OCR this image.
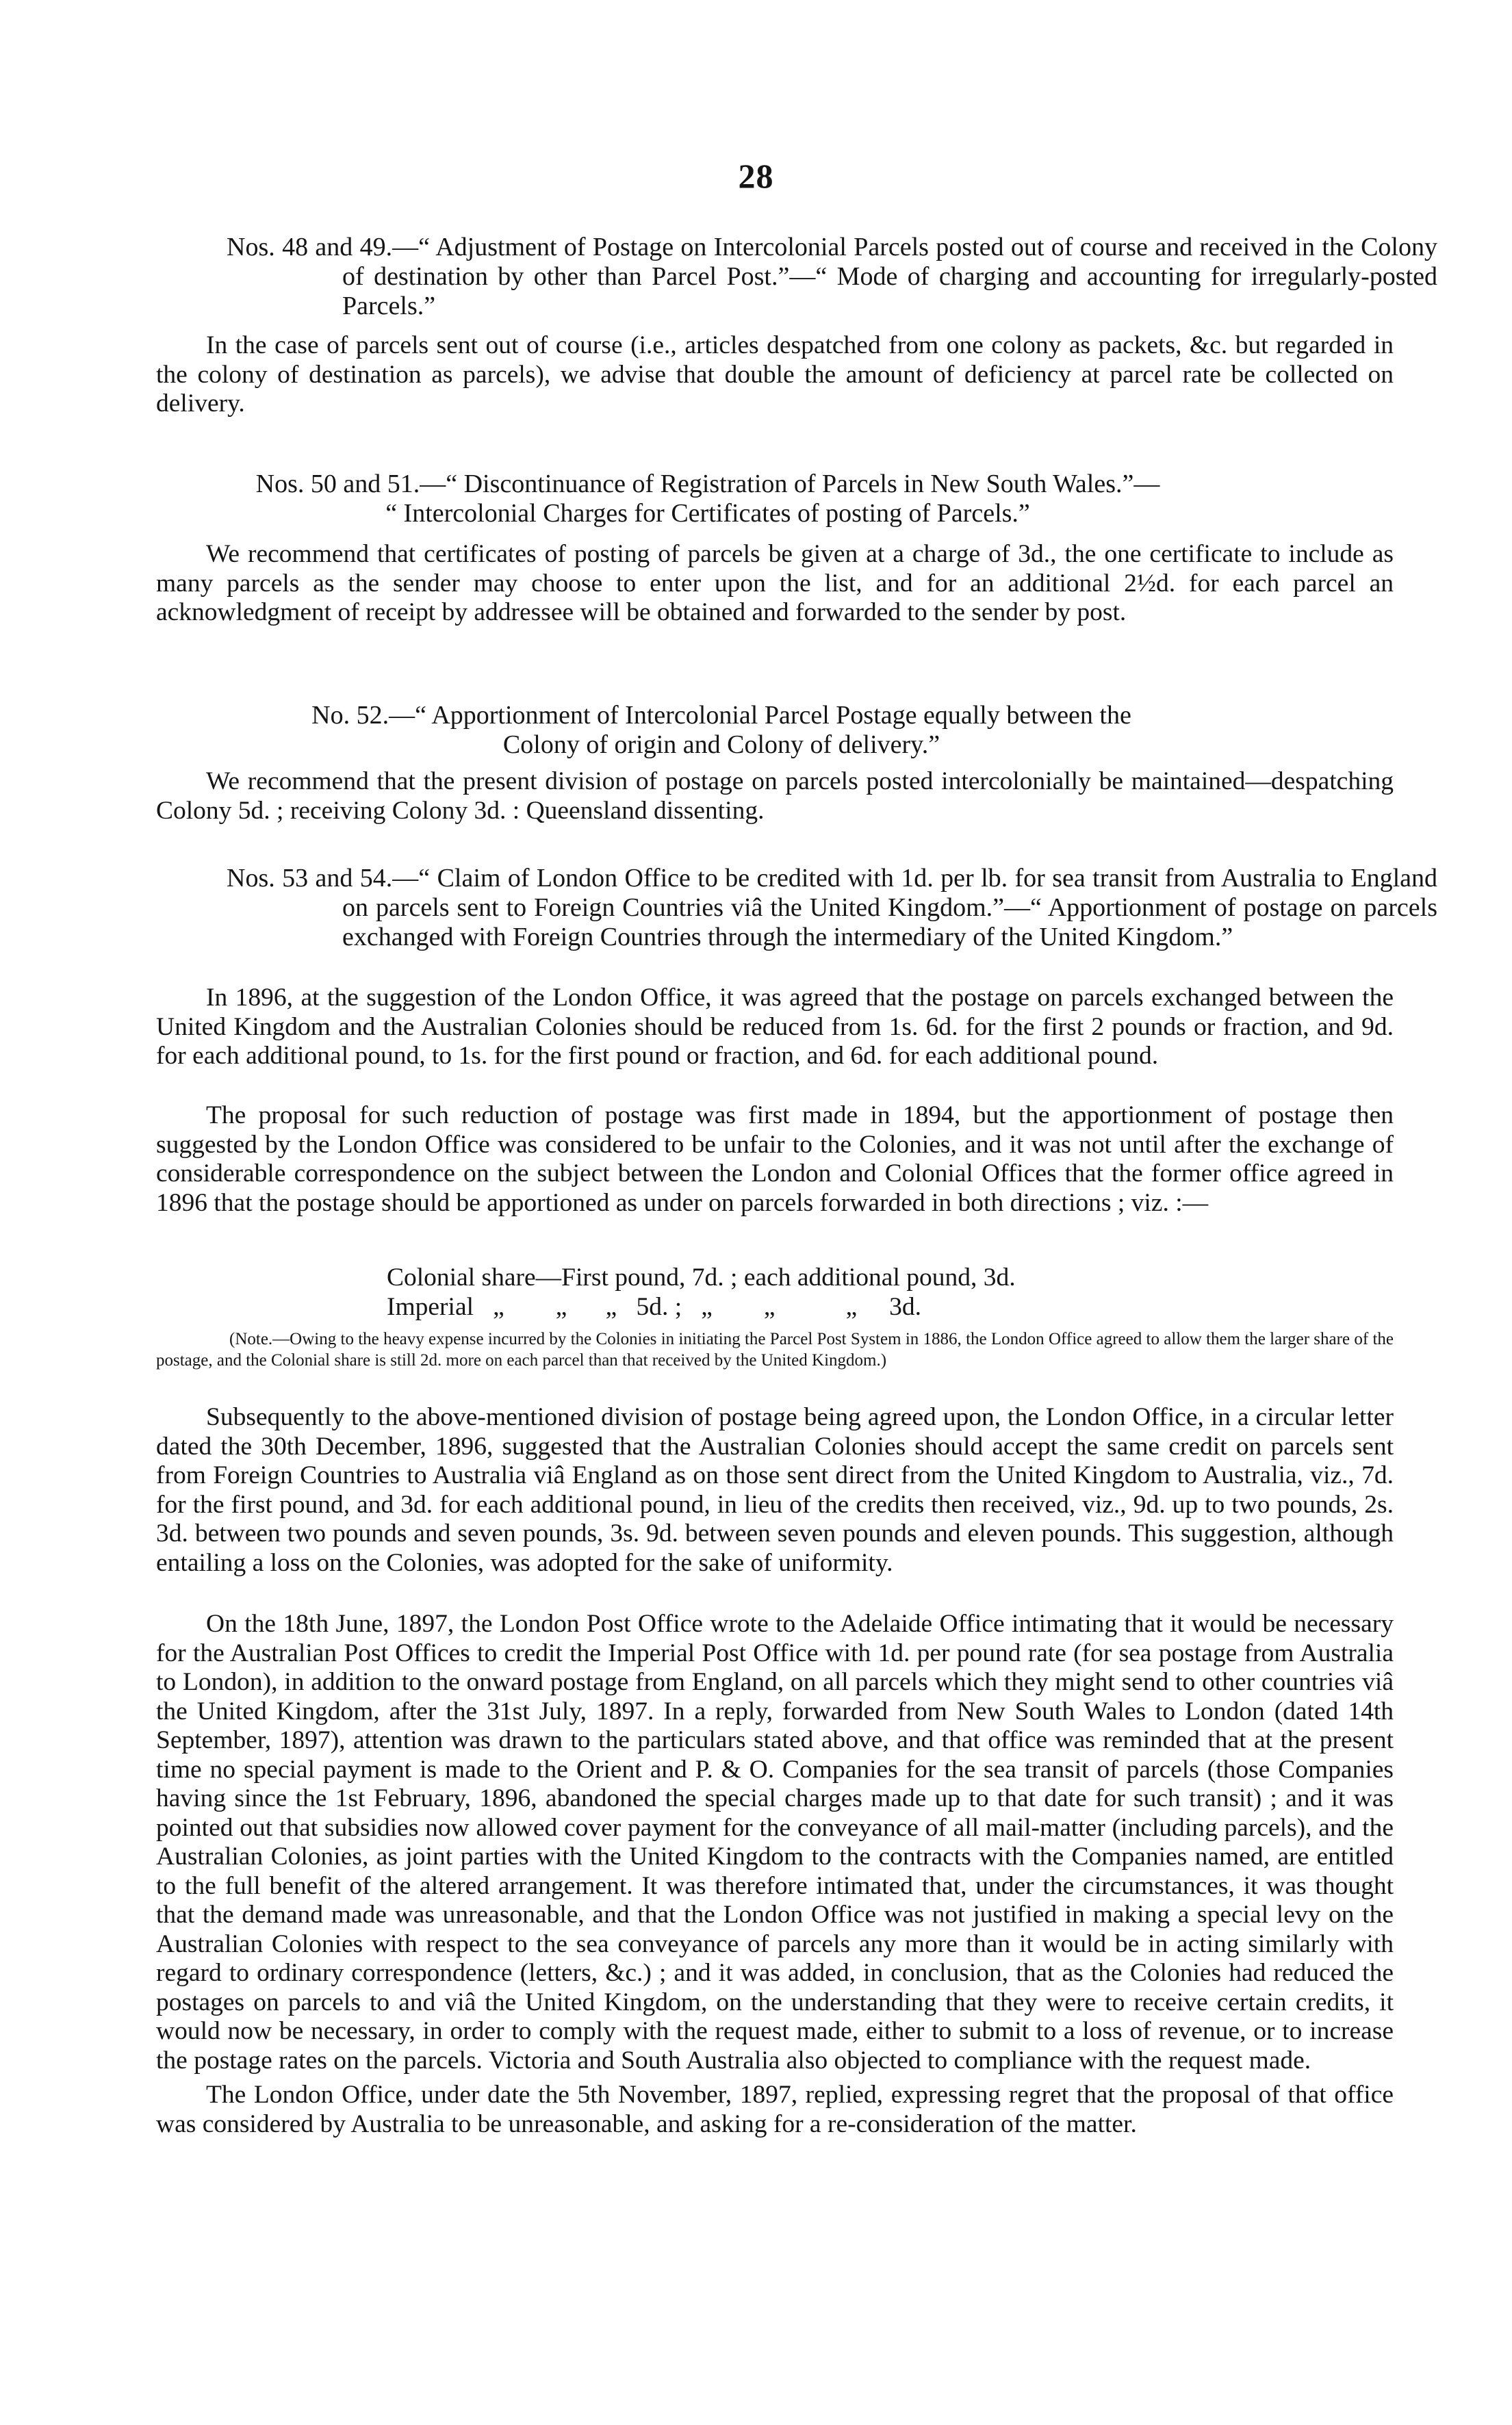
28
Nos. 48 and 49.—“ Adjustment of Postage on Intercolonial Parcels posted out of course and received in the Colony of destination by other than Parcel Post.”—“ Mode of charging and accounting for irregularly-posted Parcels.”
In the case of parcels sent out of course (i.e., articles despatched from one colony as packets, &c. but regarded in the colony of destination as parcels), we advise that double the amount of deficiency at parcel rate be collected on delivery.
Nos. 50 and 51.—“ Discontinuance of Registration of Parcels in New South Wales.”—
“ Intercolonial Charges for Certificates of posting of Parcels.”
We recommend that certificates of posting of parcels be given at a charge of 3d., the one certificate to include as many parcels as the sender may choose to enter upon the list, and for an additional 2½d. for each parcel an acknowledgment of receipt by addressee will be obtained and forwarded to the sender by post.
No. 52.—“ Apportionment of Intercolonial Parcel Postage equally between the
Colony of origin and Colony of delivery.”
We recommend that the present division of postage on parcels posted intercolonially be maintained—despatching Colony 5d. ; receiving Colony 3d. : Queensland dissenting.
Nos. 53 and 54.—“ Claim of London Office to be credited with 1d. per lb. for sea transit from Australia to England on parcels sent to Foreign Countries viâ the United Kingdom.”—“ Apportionment of postage on parcels exchanged with Foreign Countries through the intermediary of the United Kingdom.”
In 1896, at the suggestion of the London Office, it was agreed that the postage on parcels exchanged between the United Kingdom and the Australian Colonies should be reduced from 1s. 6d. for the first 2 pounds or fraction, and 9d. for each additional pound, to 1s. for the first pound or fraction, and 6d. for each additional pound.
The proposal for such reduction of postage was first made in 1894, but the apportionment of postage then suggested by the London Office was considered to be unfair to the Colonies, and it was not until after the exchange of considerable correspondence on the subject between the London and Colonial Offices that the former office agreed in 1896 that the postage should be apportioned as under on parcels forwarded in both directions ; viz. :—
Colonial share—First pound, 7d. ; each additional pound, 3d.
Imperial   „        „      „   5d. ;   „        „           „     3d.
(Note.—Owing to the heavy expense incurred by the Colonies in initiating the Parcel Post System in 1886, the London Office agreed to allow them the larger share of the postage, and the Colonial share is still 2d. more on each parcel than that received by the United Kingdom.)
Subsequently to the above-mentioned division of postage being agreed upon, the London Office, in a circular letter dated the 30th December, 1896, suggested that the Australian Colonies should accept the same credit on parcels sent from Foreign Countries to Australia viâ England as on those sent direct from the United Kingdom to Australia, viz., 7d. for the first pound, and 3d. for each additional pound, in lieu of the credits then received, viz., 9d. up to two pounds, 2s. 3d. between two pounds and seven pounds, 3s. 9d. between seven pounds and eleven pounds. This suggestion, although entailing a loss on the Colonies, was adopted for the sake of uniformity.
On the 18th June, 1897, the London Post Office wrote to the Adelaide Office intimating that it would be necessary for the Australian Post Offices to credit the Imperial Post Office with 1d. per pound rate (for sea postage from Australia to London), in addition to the onward postage from England, on all parcels which they might send to other countries viâ the United Kingdom, after the 31st July, 1897. In a reply, forwarded from New South Wales to London (dated 14th September, 1897), attention was drawn to the particulars stated above, and that office was reminded that at the present time no special payment is made to the Orient and P. & O. Companies for the sea transit of parcels (those Companies having since the 1st February, 1896, abandoned the special charges made up to that date for such transit) ; and it was pointed out that subsidies now allowed cover payment for the conveyance of all mail-matter (including parcels), and the Australian Colonies, as joint parties with the United Kingdom to the contracts with the Companies named, are entitled to the full benefit of the altered arrangement. It was therefore intimated that, under the circumstances, it was thought that the demand made was unreasonable, and that the London Office was not justified in making a special levy on the Australian Colonies with respect to the sea conveyance of parcels any more than it would be in acting similarly with regard to ordinary correspondence (letters, &c.) ; and it was added, in conclusion, that as the Colonies had reduced the postages on parcels to and viâ the United Kingdom, on the understanding that they were to receive certain credits, it would now be necessary, in order to comply with the request made, either to submit to a loss of revenue, or to increase the postage rates on the parcels. Victoria and South Australia also objected to compliance with the request made.
The London Office, under date the 5th November, 1897, replied, expressing regret that the proposal of that office was considered by Australia to be unreasonable, and asking for a re-consideration of the matter.
